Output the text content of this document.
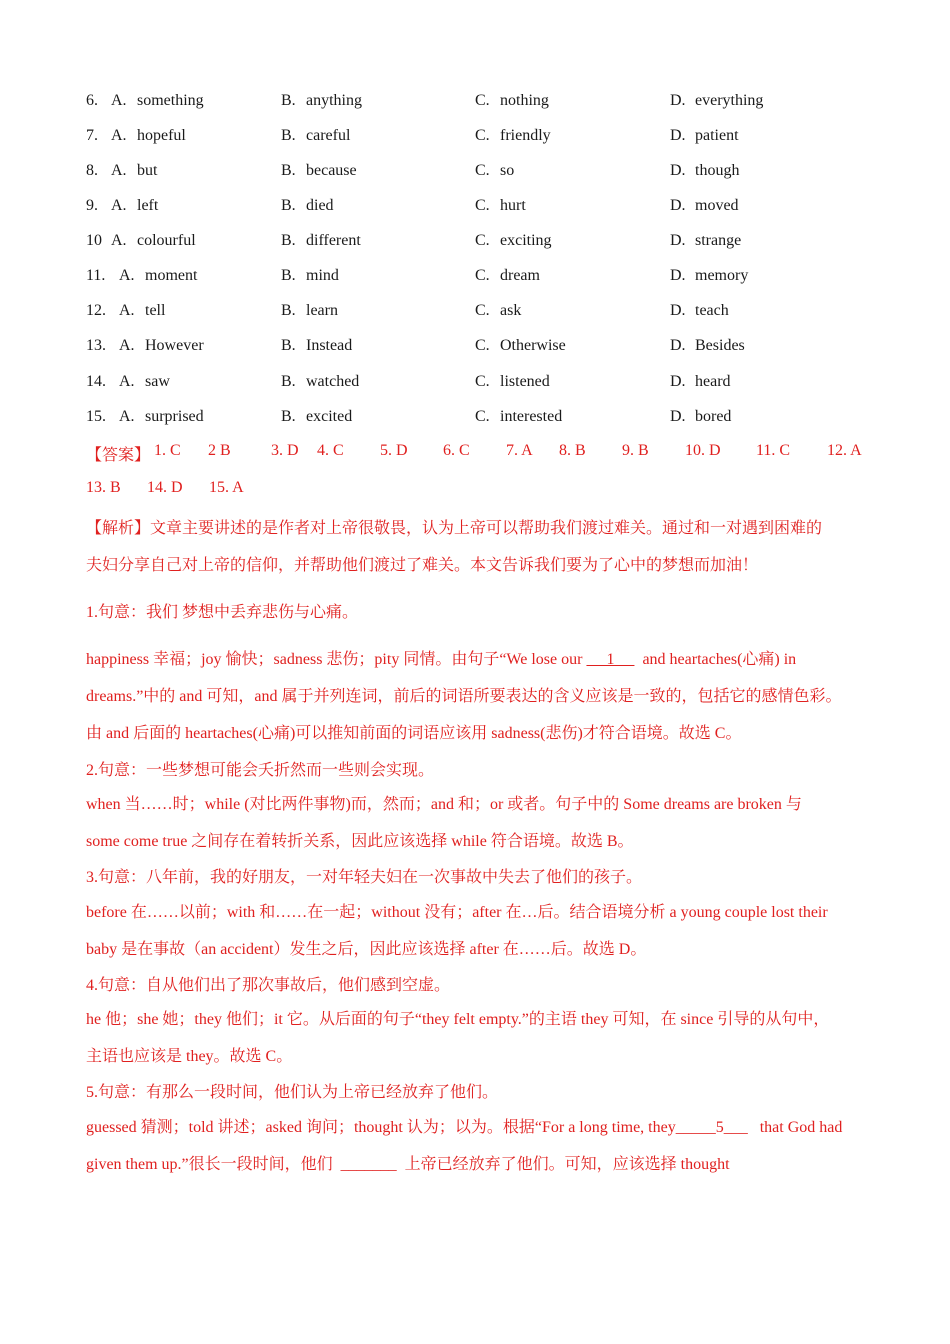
6. A. something	B. anything	C. nothing	D. everything
7. A. hopeful	B. careful	C. friendly	D. patient
8. A. but	B. because	C. so	D. though
9. A. left	B. died	C. hurt	D. moved
10 A. colourful	B. different	C. exciting	D. strange
11. A. moment	B. mind	C. dream	D. memory
12. A. tell	B. learn	C. ask	D. teach
13. A. However	B. Instead	C. Otherwise	D. Besides
14. A. saw	B. watched	C. listened	D. heard
15. A. surprised	B. excited	C. interested	D. bored
【答案】 1. C 2 B	3. D 4. C 5. D 6. C 7. A 8. B 9. B 10. D 11. C 12. A
13. B 14. D 15. A
【解析】文章主要讲述的是作者对上帝很敬畏，认为上帝可以帮助我们渡过难关。通过和一对遇到困难的
夫妇分享自己对上帝的信仰，并帮助他们渡过了难关。本文告诉我们要为了心中的梦想而加油！
1.句意：我们 梦想中丢弃悲伤与心痛。
happiness 幸福；joy 愉快；sadness 悲伤；pity 同情。由句子“We lose our      1       and heartaches(心痛) in
dreams.”中的 and 可知，and 属于并列连词，前后的词语所要表达的含义应该是一致的，包括它的感情色彩。
由 and 后面的 heartaches(心痛)可以推知前面的词语应该用 sadness(悲伤)才符合语境。故选 C。
2.句意：一些梦想可能会夭折然而一些则会实现。
when 当……时；while (对比两件事物)而，然而；and 和；or 或者。句子中的 Some dreams are broken 与
some come true 之间存在着转折关系，因此应该选择 while 符合语境。故选 B。
3.句意：八年前，我的好朋友，一对年轻夫妇在一次事故中失去了他们的孩子。
before 在……以前；with 和……在一起；without 没有；after 在…后。结合语境分析 a young couple lost their
baby 是在事故（an accident）发生之后，因此应该选择 after 在……后。故选 D。
4.句意：自从他们出了那次事故后，他们感到空虚。
he 他；she 她；they 他们；it 它。从后面的句子“they felt empty.”的主语 they 可知，在 since 引导的从句中，
主语也应该是 they。故选 C。
5.句意：有那么一段时间，他们认为上帝已经放弃了他们。
guessed 猜测；told 讲述；asked 询问；thought 认为；以为。根据“For a long time, they_____5___   that God had
given them up.”很长一段时间，他们  _______  上帝已经放弃了他们。可知，应该选择 thought
